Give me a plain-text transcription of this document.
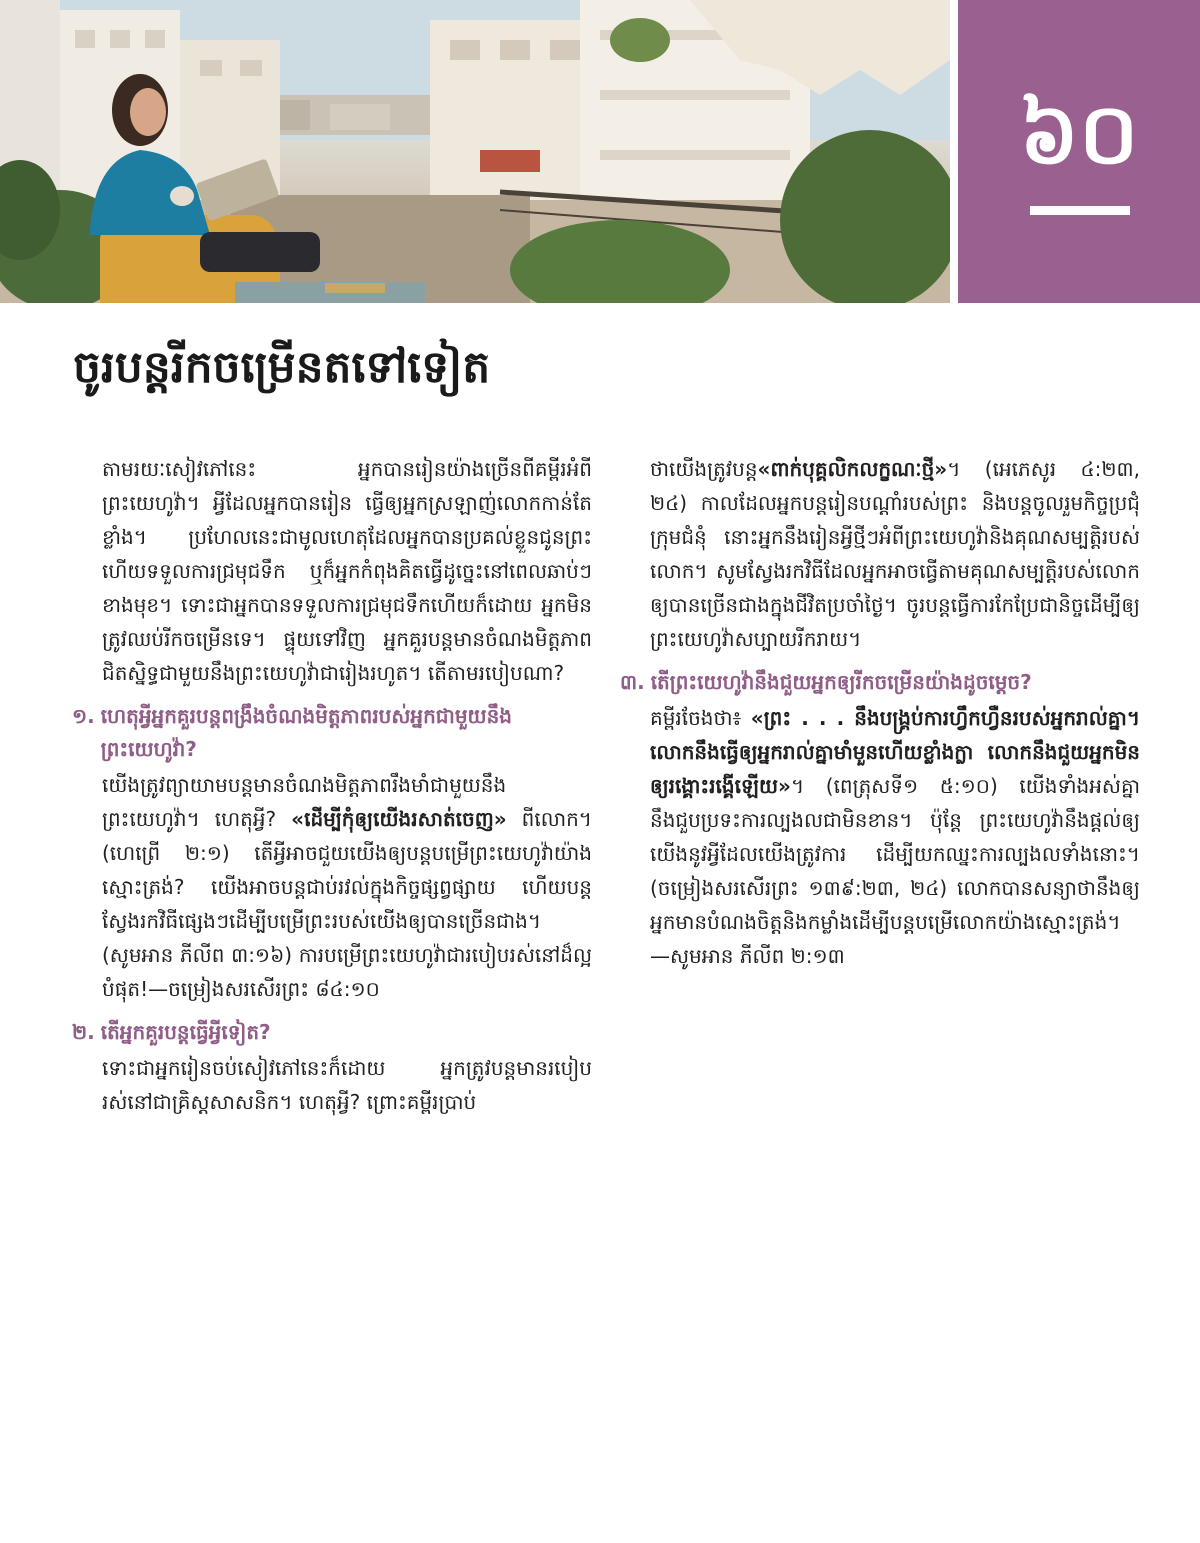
៦០
ចូរបន្តរីកចម្រើនតទៅទៀត

តាមរយៈសៀវភៅនេះ អ្នកបានរៀនយ៉ាងច្រើនពីគម្ពីរអំពីព្រះយេហូវ៉ា។ អ្វីដែលអ្នកបានរៀន ធ្វើឲ្យអ្នកស្រឡាញ់លោកកាន់តែខ្លាំង។ ប្រហែលនេះជាមូលហេតុដែលអ្នកបានប្រគល់ខ្លួនជូនព្រះ ហើយទទួលការជ្រមុជទឹក ឬក៏អ្នកកំពុងគិតធ្វើដូច្នេះនៅពេលឆាប់ៗខាងមុខ។ ទោះជាអ្នកបានទទួលការជ្រមុជទឹកហើយក៏ដោយ អ្នកមិនត្រូវឈប់រីកចម្រើនទេ។ ផ្ទុយទៅវិញ អ្នកគួរបន្តមានចំណងមិត្តភាពជិតស្និទ្ធជាមួយនឹងព្រះយេហូវ៉ាជារៀងរហូត។ តើតាមរបៀបណា?

១. ហេតុអ្វីអ្នកគួរបន្តពង្រឹងចំណងមិត្តភាពរបស់អ្នកជាមួយនឹងព្រះយេហូវ៉ា?

យើងត្រូវព្យាយាមបន្តមានចំណងមិត្តភាពរឹងមាំជាមួយនឹងព្រះយេហូវ៉ា។ ហេតុអ្វី? «ដើម្បីកុំឲ្យយើងរសាត់ចេញ» ពីលោក។ (ហេព្រើ ២:១) តើអ្វីអាចជួយយើងឲ្យបន្តបម្រើព្រះយេហូវ៉ាយ៉ាងស្មោះត្រង់? យើងអាចបន្តជាប់រវល់ក្នុងកិច្ចផ្សព្វផ្សាយ ហើយបន្តស្វែងរកវិធីផ្សេងៗដើម្បីបម្រើព្រះរបស់យើងឲ្យបានច្រើនជាង។ (សូមអាន ភីលីព ៣:១៦) ការបម្រើព្រះយេហូវ៉ាជារបៀបរស់នៅដ៏ល្អបំផុត!—ចម្រៀងសរសើរព្រះ ៨៤:១០

២. តើអ្នកគួរបន្តធ្វើអ្វីទៀត?

ទោះជាអ្នករៀនចប់សៀវភៅនេះក៏ដោយ អ្នកត្រូវបន្តមានរបៀបរស់នៅជាគ្រិស្តសាសនិក។ ហេតុអ្វី? ព្រោះគម្ពីរប្រាប់

ថាយើងត្រូវបន្ត«ពាក់បុគ្គលិកលក្ខណៈថ្មី»។ (អេភេសូរ ៤:២៣, ២៤) កាលដែលអ្នកបន្តរៀនបណ្ដាំរបស់ព្រះ និងបន្តចូលរួមកិច្ចប្រជុំក្រុមជំនុំ នោះអ្នកនឹងរៀនអ្វីថ្មីៗអំពីព្រះយេហូវ៉ានិងគុណសម្បត្តិរបស់លោក។ សូមស្វែងរកវិធីដែលអ្នកអាចធ្វើតាមគុណសម្បត្តិរបស់លោកឲ្យបានច្រើនជាងក្នុងជីវិតប្រចាំថ្ងៃ។ ចូរបន្តធ្វើការកែប្រែជានិច្ចដើម្បីឲ្យព្រះយេហូវ៉ាសប្បាយរីករាយ។

៣. តើព្រះយេហូវ៉ានឹងជួយអ្នកឲ្យរីកចម្រើនយ៉ាងដូចម្ដេច?

គម្ពីរចែងថា៖ «ព្រះ . . . នឹងបង្គ្រប់ការហ្វឹកហ្វឺនរបស់អ្នករាល់គ្នា។ លោកនឹងធ្វើឲ្យអ្នករាល់គ្នាមាំមួនហើយខ្លាំងក្លា លោកនឹងជួយអ្នកមិនឲ្យរង្គោះរង្គើឡើយ»។ (ពេត្រុសទី១ ៥:១០) យើងទាំងអស់គ្នានឹងជួបប្រទះការល្បងលជាមិនខាន។ ប៉ុន្តែ ព្រះយេហូវ៉ានឹងផ្ដល់ឲ្យយើងនូវអ្វីដែលយើងត្រូវការ ដើម្បីយកឈ្នះការល្បងលទាំងនោះ។ (ចម្រៀងសរសើរព្រះ ១៣៩:២៣, ២៤) លោកបានសន្យាថានឹងឲ្យអ្នកមានបំណងចិត្តនិងកម្លាំងដើម្បីបន្តបម្រើលោកយ៉ាងស្មោះត្រង់។—សូមអាន ភីលីព ២:១៣
